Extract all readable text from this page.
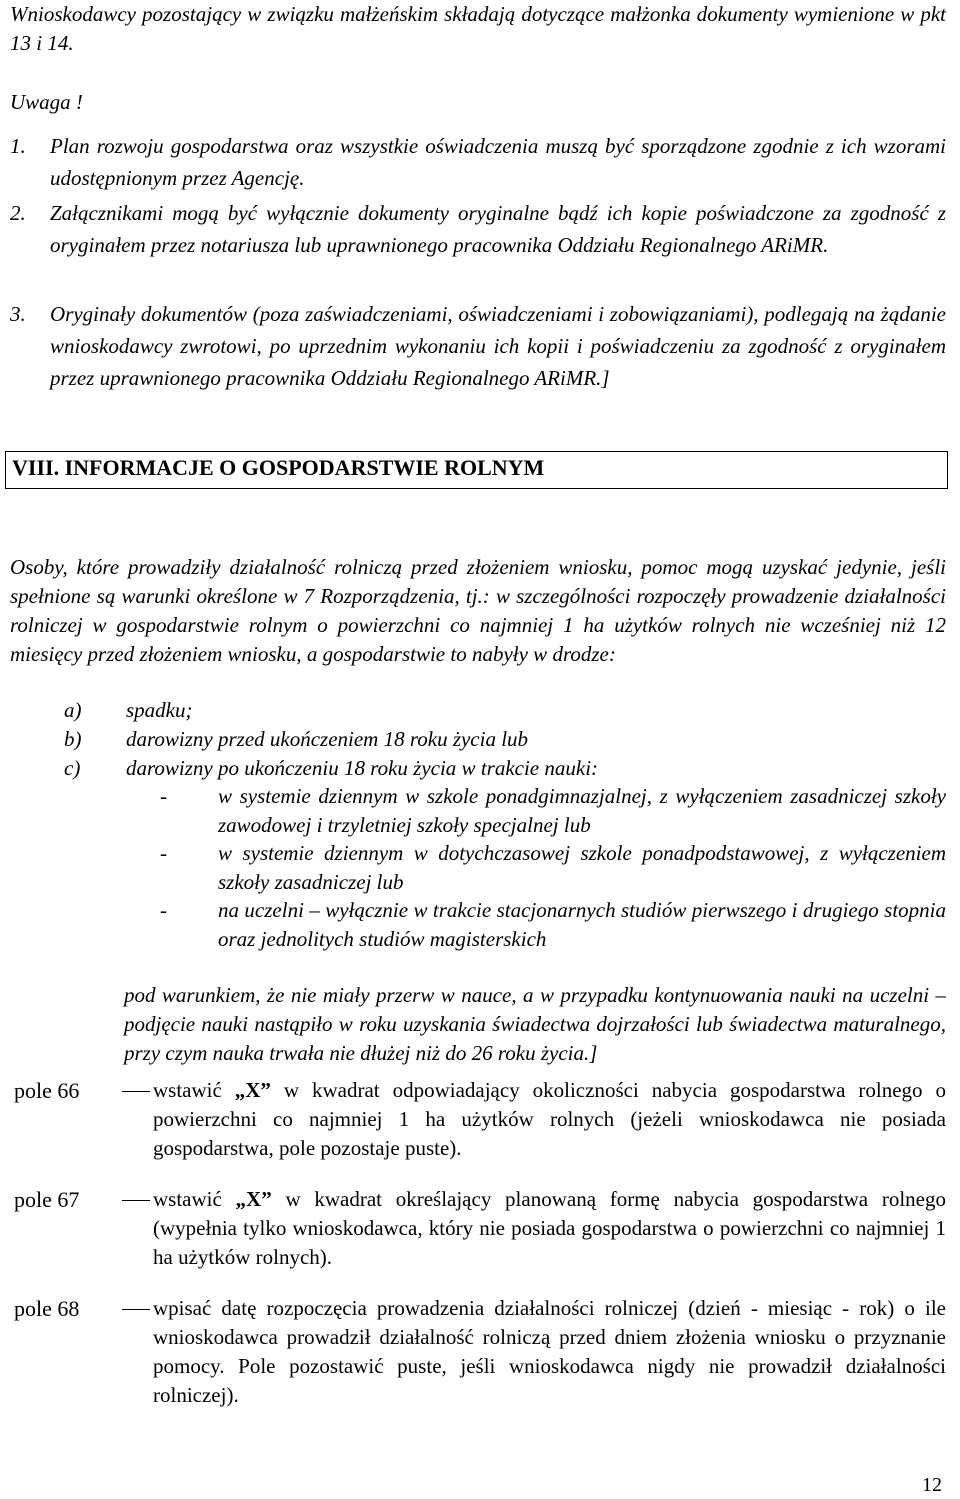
Wnioskodawcy pozostający w związku małżeńskim składają dotyczące małżonka dokumenty wymienione w pkt 13 i 14.

Uwaga !

1. Plan rozwoju gospodarstwa oraz wszystkie oświadczenia muszą być sporządzone zgodnie z ich wzorami udostępnionym przez Agencję.
2. Załącznikami mogą być wyłącznie dokumenty oryginalne bądź ich kopie poświadczone za zgodność z oryginałem przez notariusza lub uprawnionego pracownika Oddziału Regionalnego ARiMR.
3. Oryginały dokumentów (poza zaświadczeniami, oświadczeniami i zobowiązaniami), podlegają na żądanie wnioskodawcy zwrotowi, po uprzednim wykonaniu ich kopii i poświadczeniu za zgodność z oryginałem przez uprawnionego pracownika Oddziału Regionalnego ARiMR.]
VIII. INFORMACJE O GOSPODARSTWIE ROLNYM

Osoby, które prowadziły działalność rolniczą przed złożeniem wniosku, pomoc mogą uzyskać jedynie, jeśli spełnione są warunki określone w 7 Rozporządzenia, tj.: w szczególności rozpoczęły prowadzenie działalności rolniczej w gospodarstwie rolnym o powierzchni co najmniej 1 ha użytków rolnych nie wcześniej niż 12 miesięcy przed złożeniem wniosku, a gospodarstwie to nabyły w drodze:

a) spadku;
b) darowizny przed ukończeniem 18 roku życia lub
c) darowizny po ukończeniu 18 roku życia w trakcie nauki:
- w systemie dziennym w szkole ponadgimnazjalnej, z wyłączeniem zasadniczej szkoły zawodowej i trzyletniej szkoły specjalnej lub
- w systemie dziennym w dotychczasowej szkole ponadpodstawowej, z wyłączeniem szkoły zasadniczej lub
- na uczelni – wyłącznie w trakcie stacjonarnych studiów pierwszego i drugiego stopnia oraz jednolitych studiów magisterskich

pod warunkiem, że nie miały przerw w nauce, a w przypadku kontynuowania nauki na uczelni – podjęcie nauki nastąpiło w roku uzyskania świadectwa dojrzałości lub świadectwa maturalnego, przy czym nauka trwała nie dłużej niż do 26 roku życia.]

pole 66	wstawić „X” w kwadrat odpowiadający okoliczności nabycia gospodarstwa rolnego o powierzchni co najmniej 1 ha użytków rolnych (jeżeli wnioskodawca nie posiada gospodarstwa, pole pozostaje puste).
pole 67	wstawić „X” w kwadrat określający planowaną formę nabycia gospodarstwa rolnego (wypełnia tylko wnioskodawca, który nie posiada gospodarstwa o powierzchni co najmniej 1 ha użytków rolnych).
pole 68	wpisać datę rozpoczęcia prowadzenia działalności rolniczej (dzień - miesiąc - rok) o ile wnioskodawca prowadził działalność rolniczą przed dniem złożenia wniosku o przyznanie pomocy. Pole pozostawić puste, jeśli wnioskodawca nigdy nie prowadził działalności rolniczej).
12
